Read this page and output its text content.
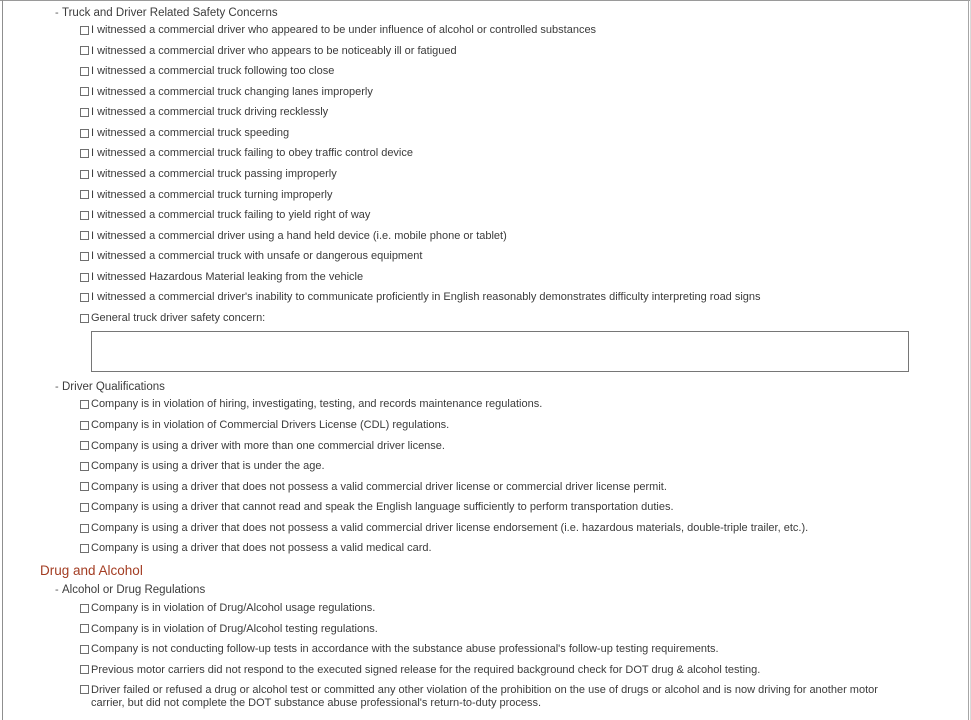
- Truck and Driver Related Safety Concerns
I witnessed a commercial driver who appeared to be under influence of alcohol or controlled substances
I witnessed a commercial driver who appears to be noticeably ill or fatigued
I witnessed a commercial truck following too close
I witnessed a commercial truck changing lanes improperly
I witnessed a commercial truck driving recklessly
I witnessed a commercial truck speeding
I witnessed a commercial truck failing to obey traffic control device
I witnessed a commercial truck passing improperly
I witnessed a commercial truck turning improperly
I witnessed a commercial truck failing to yield right of way
I witnessed a commercial driver using a hand held device (i.e. mobile phone or tablet)
I witnessed a commercial truck with unsafe or dangerous equipment
I witnessed Hazardous Material leaking from the vehicle
I witnessed a commercial driver's inability to communicate proficiently in English reasonably demonstrates difficulty interpreting road signs
General truck driver safety concern:
- Driver Qualifications
Company is in violation of hiring, investigating, testing, and records maintenance regulations.
Company is in violation of Commercial Drivers License (CDL) regulations.
Company is using a driver with more than one commercial driver license.
Company is using a driver that is under the age.
Company is using a driver that does not possess a valid commercial driver license or commercial driver license permit.
Company is using a driver that cannot read and speak the English language sufficiently to perform transportation duties.
Company is using a driver that does not possess a valid commercial driver license endorsement (i.e. hazardous materials, double-triple trailer, etc.).
Company is using a driver that does not possess a valid medical card.
Drug and Alcohol
- Alcohol or Drug Regulations
Company is in violation of Drug/Alcohol usage regulations.
Company is in violation of Drug/Alcohol testing regulations.
Company is not conducting follow-up tests in accordance with the substance abuse professional's follow-up testing requirements.
Previous motor carriers did not respond to the executed signed release for the required background check for DOT drug & alcohol testing.
Driver failed or refused a drug or alcohol test or committed any other violation of the prohibition on the use of drugs or alcohol and is now driving for another motor carrier, but did not complete the DOT substance abuse professional's return-to-duty process.
